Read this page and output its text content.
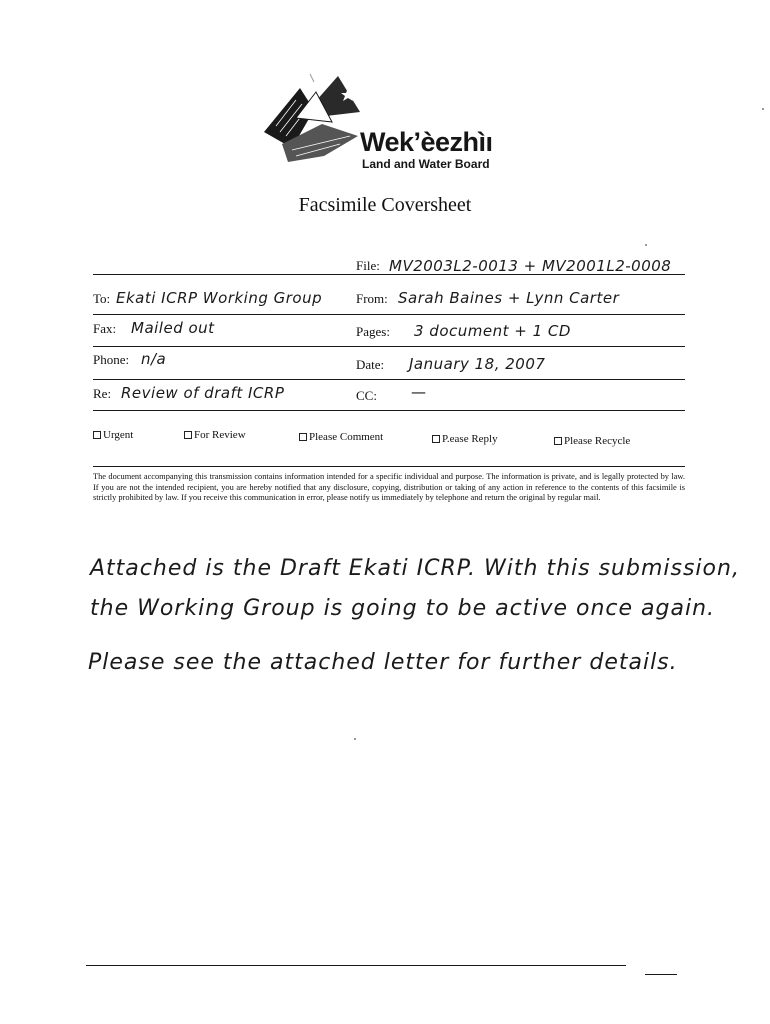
Wek’èezhìı
Land and Water Board
Facsimile Coversheet
File: MV2003L2-0013 + MV2001L2-0008
To: Ekati ICRP Working Group	From: Sarah Baines + Lynn Carter
Fax: Mailed out	Pages: 3 document + 1 CD
Phone: n/a	Date: January 18, 2007
Re: Review of draft ICRP	CC: —
Urgent	For Review	Please Comment	P.ease Reply	Please Recycle
The document accompanying this transmission contains information intended for a specific individual and purpose. The information is private, and is legally protected by law. If you are not the intended recipient, you are hereby notified that any disclosure, copying, distribution or taking of any action in reference to the contents of this facsimile is strictly prohibited by law. If you receive this communication in error, please notify us immediately by telephone and return the original by regular mail.
Attached is the Draft Ekati ICRP. With this submission,
the Working Group is going to be active once again.
Please see the attached letter for further details.
